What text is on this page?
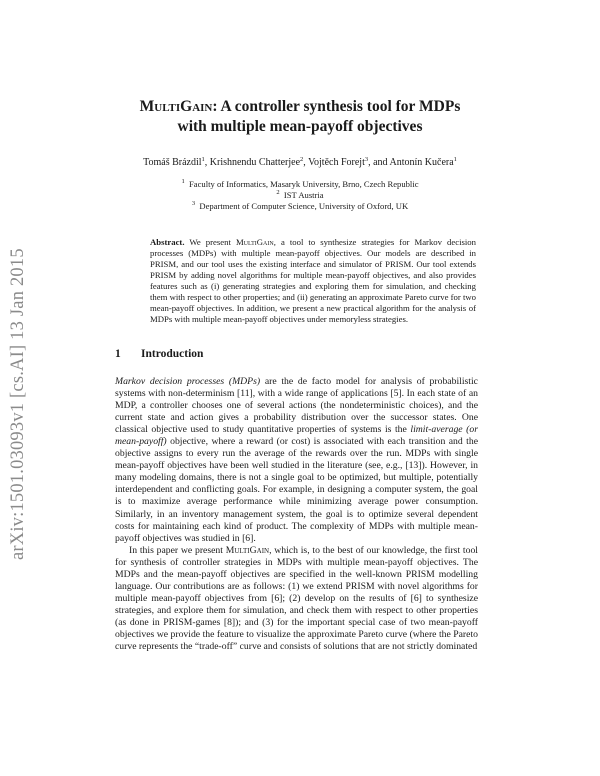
arXiv:1501.03093v1 [cs.AI] 13 Jan 2015
MultiGain: A controller synthesis tool for MDPs
with multiple mean-payoff objectives
Tomáš Brázdil$^1$, Krishnendu Chatterjee$^2$, Vojtěch Forejt$^3$, and Antonín Kučera$^1$
$^1$ Faculty of Informatics, Masaryk University, Brno, Czech Republic
$^2$ IST Austria
$^3$ Department of Computer Science, University of Oxford, UK

Abstract. We present MultiGain, a tool to synthesize strategies for Markov decision processes (MDPs) with multiple mean-payoff objectives. Our models are described in PRISM, and our tool uses the existing interface and simulator of PRISM. Our tool extends PRISM by adding novel algorithms for multiple mean-payoff objectives, and also provides features such as (i) generating strategies and exploring them for simulation, and checking them with respect to other properties; and (ii) generating an approximate Pareto curve for two mean-payoff objectives. In addition, we present a new practical algorithm for the analysis of MDPs with multiple mean-payoff objectives under memoryless strategies.

1 Introduction

Markov decision processes (MDPs) are the de facto model for analysis of probabilistic systems with non-determinism [11], with a wide range of applications [5]. In each state of an MDP, a controller chooses one of several actions (the nondeterministic choices), and the current state and action gives a probability distribution over the successor states. One classical objective used to study quantitative properties of systems is the limit-average (or mean-payoff) objective, where a reward (or cost) is associated with each transition and the objective assigns to every run the average of the rewards over the run. MDPs with single mean-payoff objectives have been well studied in the literature (see, e.g., [13]). However, in many modeling domains, there is not a single goal to be optimized, but multiple, potentially interdependent and conflicting goals. For example, in designing a computer system, the goal is to maximize average performance while minimizing average power consumption. Similarly, in an inventory management system, the goal is to optimize several dependent costs for maintaining each kind of product. The complexity of MDPs with multiple mean-payoff objectives was studied in [6].

In this paper we present MultiGain, which is, to the best of our knowledge, the first tool for synthesis of controller strategies in MDPs with multiple mean-payoff objectives. The MDPs and the mean-payoff objectives are specified in the well-known PRISM modelling language. Our contributions are as follows: (1) we extend PRISM with novel algorithms for multiple mean-payoff objectives from [6]; (2) develop on the results of [6] to synthesize strategies, and explore them for simulation, and check them with respect to other properties (as done in PRISM-games [8]); and (3) for the important special case of two mean-payoff objectives we provide the feature to visualize the approximate Pareto curve (where the Pareto curve represents the “trade-off” curve and consists of solutions that are not strictly dominated
